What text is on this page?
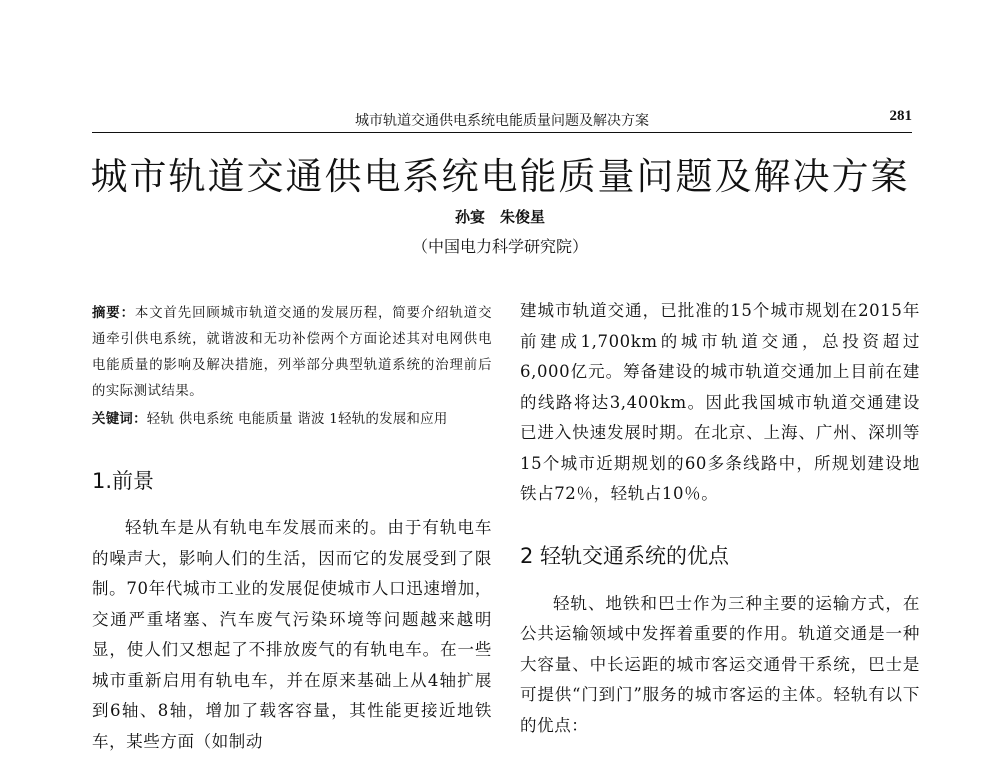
城市轨道交通供电系统电能质量问题及解决方案	281
城市轨道交通供电系统电能质量问题及解决方案
孙宴　朱俊星
（中国电力科学研究院）
摘要：本文首先回顾城市轨道交通的发展历程，简要介绍轨道交通牵引供电系统，就谐波和无功补偿两个方面论述其对电网供电电能质量的影响及解决措施，列举部分典型轨道系统的治理前后的实际测试结果。
关键词：轻轨 供电系统 电能质量 谐波 1轻轨的发展和应用
1.前景
轻轨车是从有轨电车发展而来的。由于有轨电车的噪声大，影响人们的生活，因而它的发展受到了限制。70年代城市工业的发展促使城市人口迅速增加，交通严重堵塞、汽车废气污染环境等问题越来越明显，使人们又想起了不排放废气的有轨电车。在一些城市重新启用有轨电车，并在原来基础上从4轴扩展到6轴、8轴，增加了载客容量，其性能更接近地铁车，某些方面（如制动
建城市轨道交通，已批准的15个城市规划在2015年前建成1,700km的城市轨道交通，总投资超过6,000亿元。筹备建设的城市轨道交通加上目前在建的线路将达3,400km。因此我国城市轨道交通建设已进入快速发展时期。在北京、上海、广州、深圳等15个城市近期规划的60多条线路中，所规划建设地铁占72％，轻轨占10％。
2 轻轨交通系统的优点
轻轨、地铁和巴士作为三种主要的运输方式，在公共运输领域中发挥着重要的作用。轨道交通是一种大容量、中长运距的城市客运交通骨干系统，巴士是可提供“门到门”服务的城市客运的主体。轻轨有以下的优点：
